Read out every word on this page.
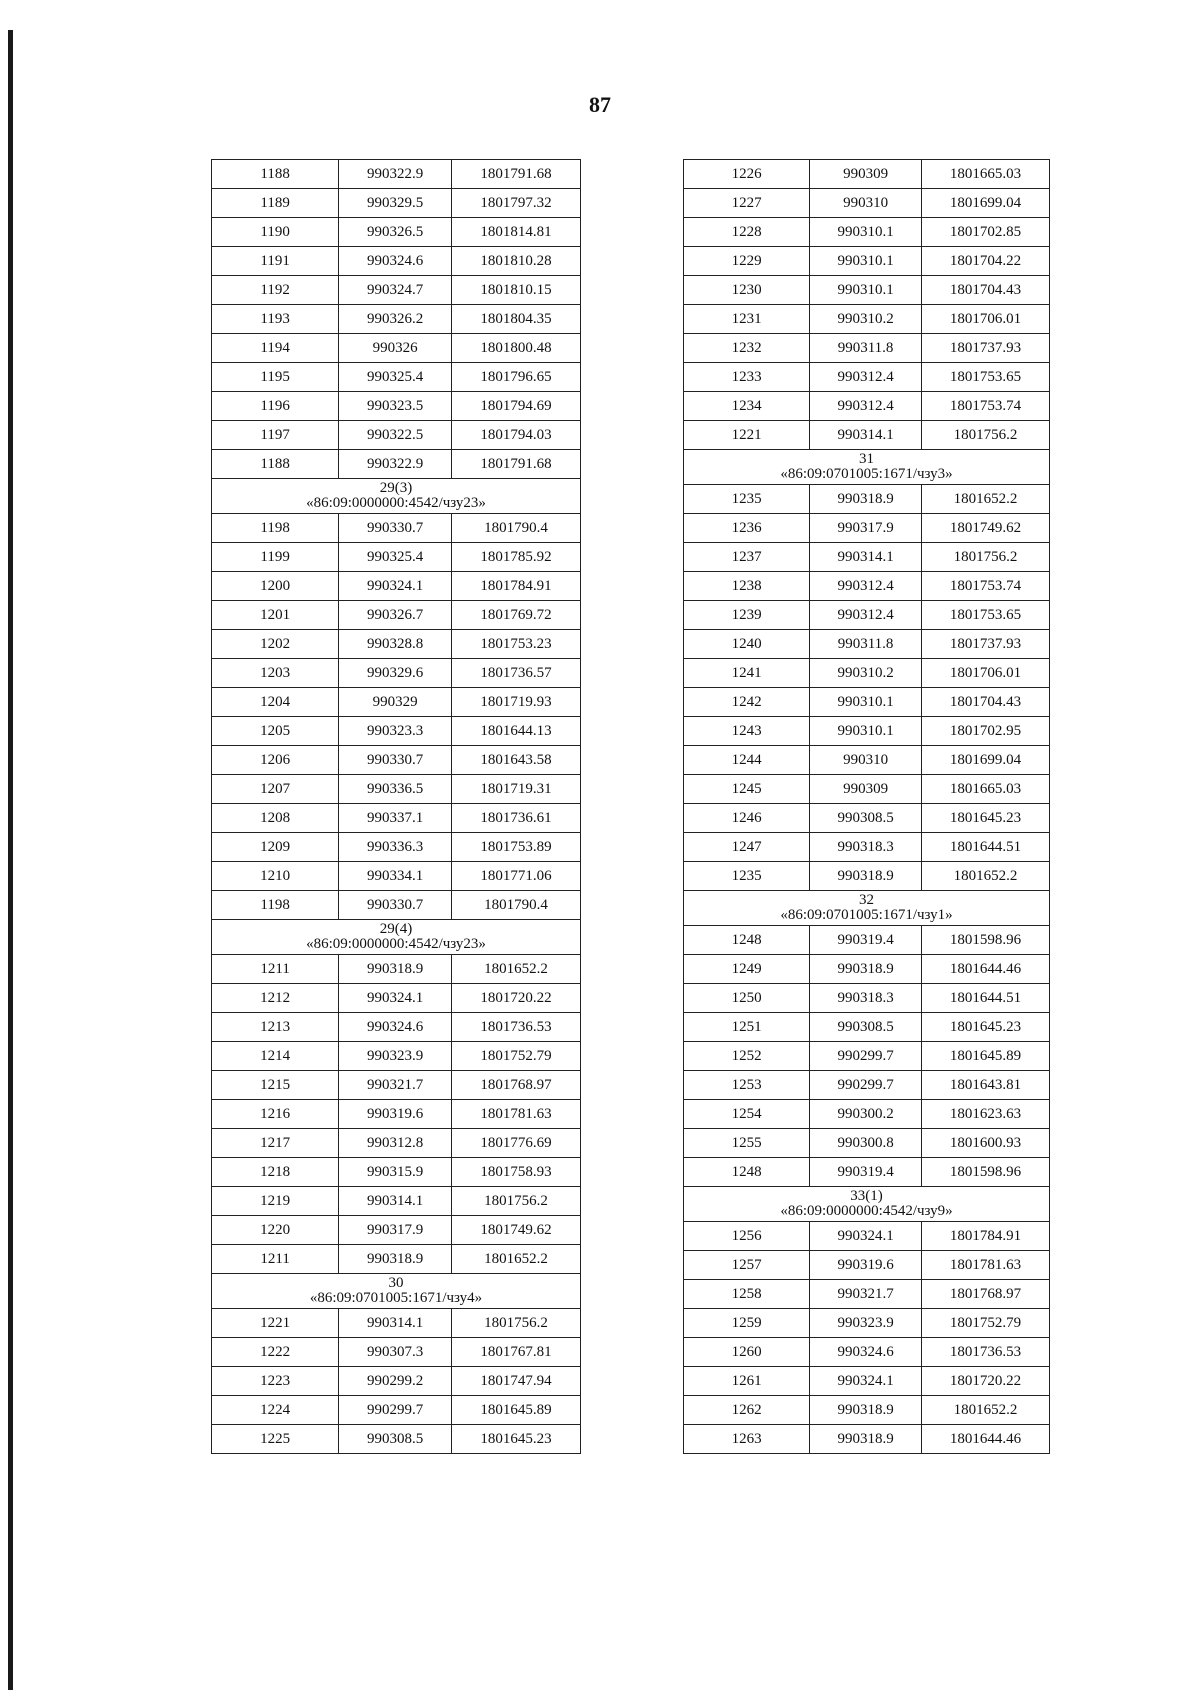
87
1188	990322.9	1801791.68
1189	990329.5	1801797.32
1190	990326.5	1801814.81
1191	990324.6	1801810.28
1192	990324.7	1801810.15
1193	990326.2	1801804.35
1194	990326	1801800.48
1195	990325.4	1801796.65
1196	990323.5	1801794.69
1197	990322.5	1801794.03
1188	990322.9	1801791.68

29(3)
«86:09:0000000:4542/чзу23»		

1198	990330.7	1801790.4
1199	990325.4	1801785.92
1200	990324.1	1801784.91
1201	990326.7	1801769.72
1202	990328.8	1801753.23
1203	990329.6	1801736.57
1204	990329	1801719.93
1205	990323.3	1801644.13
1206	990330.7	1801643.58
1207	990336.5	1801719.31
1208	990337.1	1801736.61
1209	990336.3	1801753.89
1210	990334.1	1801771.06
1198	990330.7	1801790.4

29(4)
«86:09:0000000:4542/чзу23»		

1211	990318.9	1801652.2
1212	990324.1	1801720.22
1213	990324.6	1801736.53
1214	990323.9	1801752.79
1215	990321.7	1801768.97
1216	990319.6	1801781.63
1217	990312.8	1801776.69
1218	990315.9	1801758.93
1219	990314.1	1801756.2
1220	990317.9	1801749.62
1211	990318.9	1801652.2

30
«86:09:0701005:1671/чзу4»		

1221	990314.1	1801756.2
1222	990307.3	1801767.81
1223	990299.2	1801747.94
1224	990299.7	1801645.89
1225	990308.5	1801645.23
1226	990309	1801665.03
1227	990310	1801699.04
1228	990310.1	1801702.85
1229	990310.1	1801704.22
1230	990310.1	1801704.43
1231	990310.2	1801706.01
1232	990311.8	1801737.93
1233	990312.4	1801753.65
1234	990312.4	1801753.74
1221	990314.1	1801756.2

31
«86:09:0701005:1671/чзу3»		

1235	990318.9	1801652.2
1236	990317.9	1801749.62
1237	990314.1	1801756.2
1238	990312.4	1801753.74
1239	990312.4	1801753.65
1240	990311.8	1801737.93
1241	990310.2	1801706.01
1242	990310.1	1801704.43
1243	990310.1	1801702.95
1244	990310	1801699.04
1245	990309	1801665.03
1246	990308.5	1801645.23
1247	990318.3	1801644.51
1235	990318.9	1801652.2

32
«86:09:0701005:1671/чзу1»		

1248	990319.4	1801598.96
1249	990318.9	1801644.46
1250	990318.3	1801644.51
1251	990308.5	1801645.23
1252	990299.7	1801645.89
1253	990299.7	1801643.81
1254	990300.2	1801623.63
1255	990300.8	1801600.93
1248	990319.4	1801598.96

33(1)
«86:09:0000000:4542/чзу9»		

1256	990324.1	1801784.91
1257	990319.6	1801781.63
1258	990321.7	1801768.97
1259	990323.9	1801752.79
1260	990324.6	1801736.53
1261	990324.1	1801720.22
1262	990318.9	1801652.2
1263	990318.9	1801644.46
